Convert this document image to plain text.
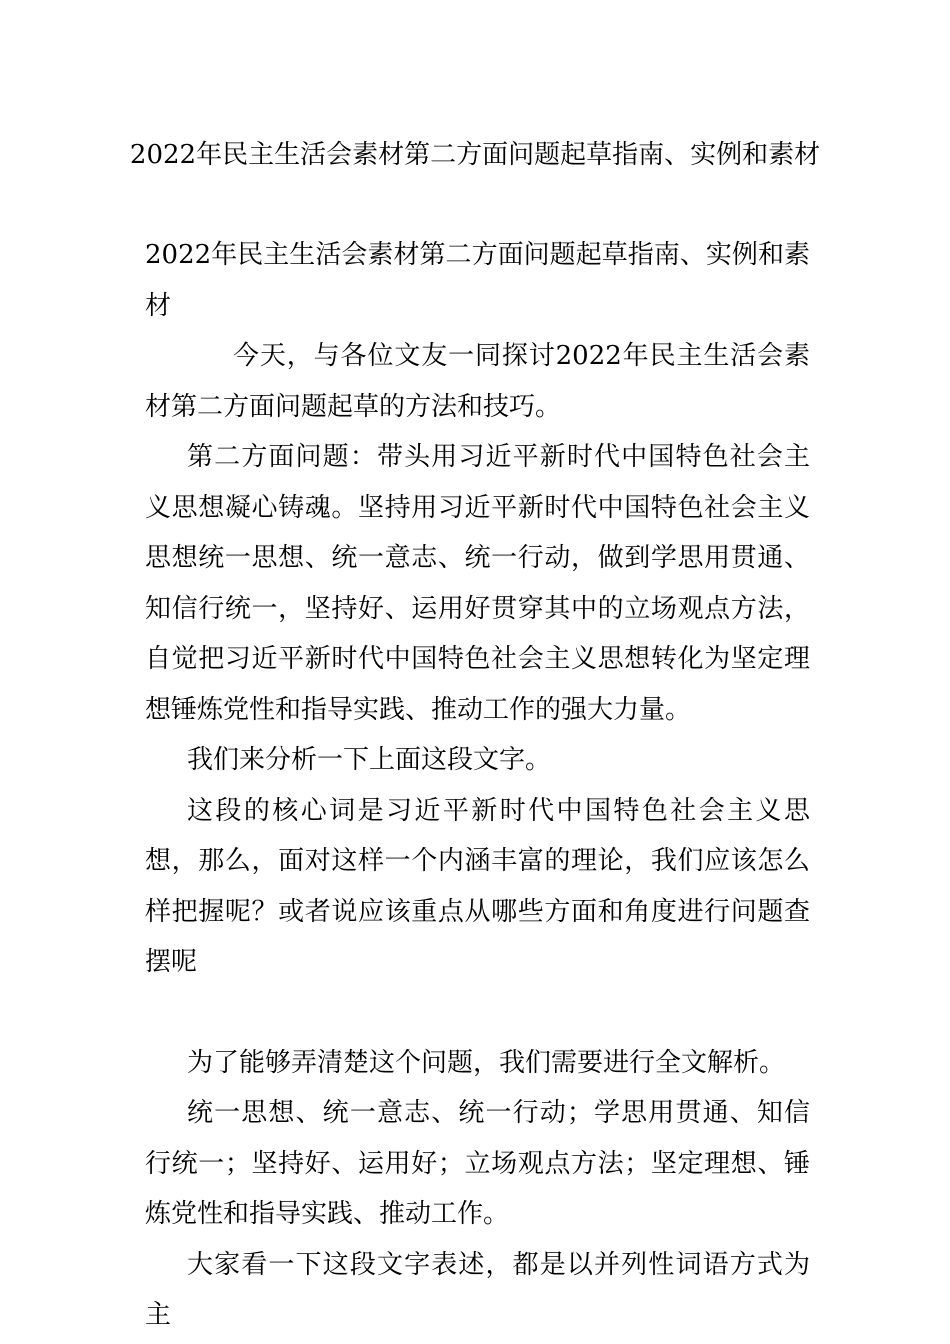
2022年民主生活会素材第二方面问题起草指南、实例和素材

2022年民主生活会素材第二方面问题起草指南、实例和素材

今天，与各位文友一同探讨2022年民主生活会素材第二方面问题起草的方法和技巧。

第二方面问题：带头用习近平新时代中国特色社会主义思想凝心铸魂。坚持用习近平新时代中国特色社会主义思想统一思想、统一意志、统一行动，做到学思用贯通、知信行统一，坚持好、运用好贯穿其中的立场观点方法，自觉把习近平新时代中国特色社会主义思想转化为坚定理想锤炼党性和指导实践、推动工作的强大力量。

我们来分析一下上面这段文字。

这段的核心词是习近平新时代中国特色社会主义思想，那么，面对这样一个内涵丰富的理论，我们应该怎么样把握呢？或者说应该重点从哪些方面和角度进行问题查摆呢

为了能够弄清楚这个问题，我们需要进行全文解析。

统一思想、统一意志、统一行动；学思用贯通、知信行统一；坚持好、运用好；立场观点方法；坚定理想、锤炼党性和指导实践、推动工作。

大家看一下这段文字表述，都是以并列性词语方式为主
